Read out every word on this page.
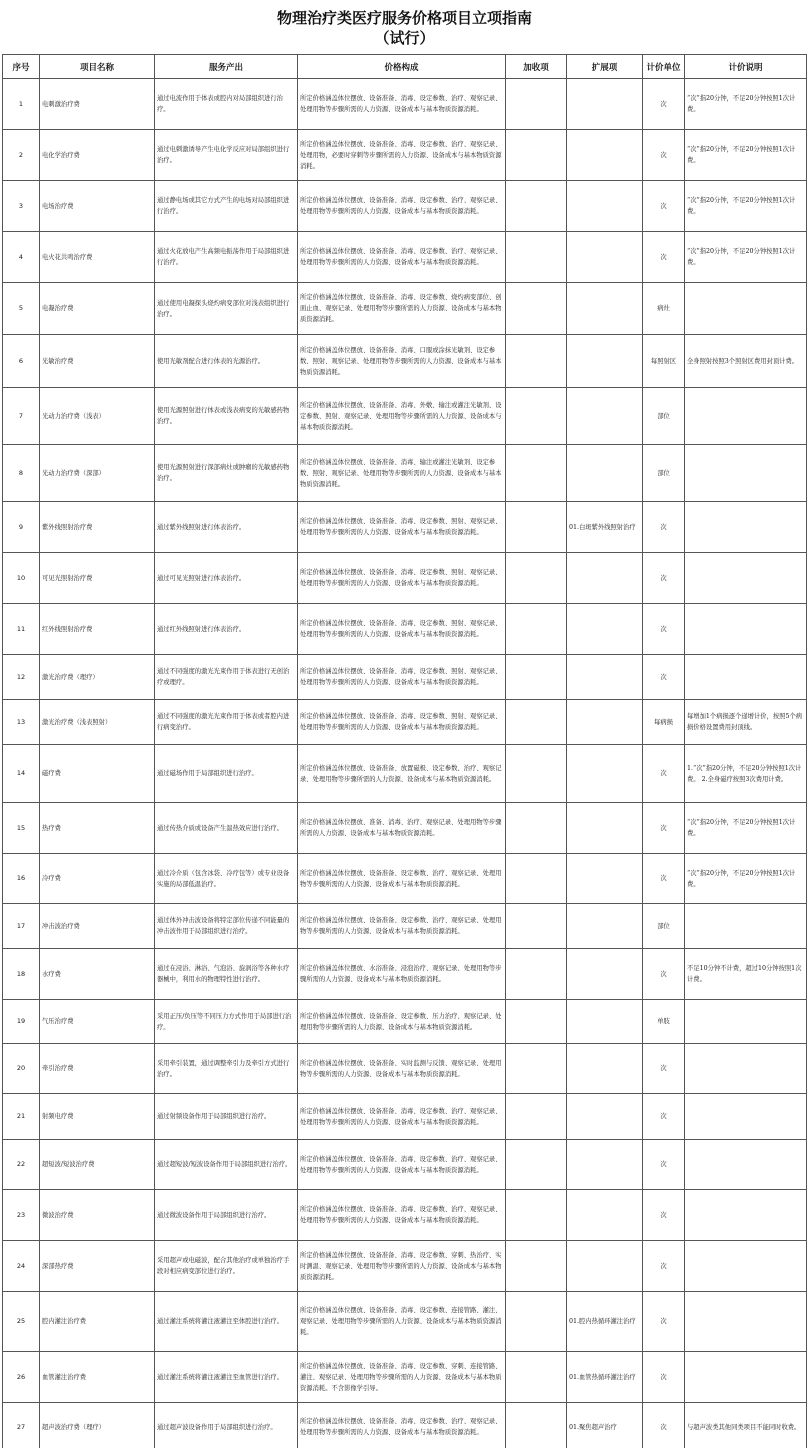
物理治疗类医疗服务价格项目立项指南
（试行）
序号	项目名称	服务产出	价格构成	加收项	扩展项	计价单位	计价说明
1	电刺激治疗费	通过电流作用于体表或腔内对局部组织进行治疗。	所定价格涵盖体位摆放、设备准备、消毒、设定参数、治疗、观察记录、处理用物等步骤所需的人力资源、设备成本与基本物质资源消耗。			次	“次”指20分钟，不足20分钟按照1次计费。
2	电化学治疗费	通过电刺激诱导产生电化学反应对局部组织进行治疗。	所定价格涵盖体位摆放、设备准备、消毒、设定参数、治疗、观察记录、处理用物，必要时穿刺等步骤所需的人力资源、设备成本与基本物质资源消耗。			次	“次”指20分钟，不足20分钟按照1次计费。
3	电场治疗费	通过静电场或其它方式产生的电场对局部组织进行治疗。	所定价格涵盖体位摆放、设备准备、消毒、设定参数、治疗、观察记录、处理用物等步骤所需的人力资源、设备成本与基本物质资源消耗。			次	“次”指20分钟，不足20分钟按照1次计费。
4	电火花共鸣治疗费	通过火花放电产生高频电振荡作用于局部组织进行治疗。	所定价格涵盖体位摆放、设备准备、消毒、设定参数、治疗、观察记录、处理用物等步骤所需的人力资源、设备成本与基本物质资源消耗。			次	“次”指20分钟，不足20分钟按照1次计费。
5	电凝治疗费	通过使用电凝探头烧灼病变部位对浅表组织进行治疗。	所定价格涵盖体位摆放、设备准备、消毒、设定参数、烧灼病变部位、创面止血、观察记录、处理用物等步骤所需的人力资源、设备成本与基本物质资源消耗。			病灶	
6	光敏治疗费	使用光敏剂配合进行体表的光源治疗。	所定价格涵盖体位摆放、设备准备、消毒、口服或涂抹光敏剂、设定参数、照射、观察记录、处理用物等步骤所需的人力资源、设备成本与基本物质资源消耗。			每照射区	全身照射按照3个照射区费用封顶计费。
7	光动力治疗费（浅表）	使用光源照射进行体表或浅表病变的光敏感药物治疗。	所定价格涵盖体位摆放、设备准备、消毒、外敷、输注或灌注光敏剂、设定参数、照射、观察记录、处理用物等步骤所需的人力资源、设备成本与基本物质资源消耗。			部位	
8	光动力治疗费（深部）	使用光源照射进行深部病灶或肿瘤的光敏感药物治疗。	所定价格涵盖体位摆放、设备准备、消毒、输注或灌注光敏剂、设定参数、照射、观察记录、处理用物等步骤所需的人力资源、设备成本与基本物质资源消耗。			部位	
9	紫外线照射治疗费	通过紫外线照射进行体表治疗。	所定价格涵盖体位摆放、设备准备、消毒、设定参数、照射、观察记录、处理用物等步骤所需的人力资源、设备成本与基本物质资源消耗。		01.白斑紫外线照射治疗	次	
10	可见光照射治疗费	通过可见光照射进行体表治疗。	所定价格涵盖体位摆放、设备准备、消毒、设定参数、照射、观察记录、处理用物等步骤所需的人力资源、设备成本与基本物质资源消耗。			次	
11	红外线照射治疗费	通过红外线照射进行体表治疗。	所定价格涵盖体位摆放、设备准备、消毒、设定参数、照射、观察记录、处理用物等步骤所需的人力资源、设备成本与基本物质资源消耗。			次	
12	激光治疗费（理疗）	通过不同强度的激光光束作用于体表进行无创治疗或理疗。	所定价格涵盖体位摆放、设备准备、消毒、设定参数、照射、观察记录、处理用物等步骤所需的人力资源、设备成本与基本物质资源消耗。			次	
13	激光治疗费（浅表照射）	通过不同强度的激光光束作用于体表或者腔内进行病变治疗。	所定价格涵盖体位摆放、设备准备、消毒、设定参数、照射、观察记录、处理用物等步骤所需的人力资源、设备成本与基本物质资源消耗。			每病损	每增加1个病损逐个递增计价，按照5个病损价格设置费用封顶线。
14	磁疗费	通过磁场作用于局部组织进行治疗。	所定价格涵盖体位摆放、设备准备、放置磁极、设定参数、治疗、观察记录、处理用物等步骤所需的人力资源、设备成本与基本物质资源消耗。			次	1.“次”指20分钟，不足20分钟按照1次计费。 2.全身磁疗按照3次费用计费。
15	热疗费	通过传热介质或设备产生温热效应进行治疗。	所定价格涵盖体位摆放、准备、消毒、治疗、观察记录、处理用物等步骤所需的人力资源、设备成本与基本物质资源消耗。			次	“次”指20分钟，不足20分钟按照1次计费。
16	冷疗费	通过冷介质（包含冰袋、冷疗包等）或专业设备实施的局部低温治疗。	所定价格涵盖体位摆放、设备准备、设定参数、治疗、观察记录、处理用物等步骤所需的人力资源、设备成本与基本物质资源消耗。			次	“次”指20分钟，不足20分钟按照1次计费。
17	冲击波治疗费	通过体外冲击波设备将特定部位传递不同能量的冲击波作用于局部组织进行治疗。	所定价格涵盖体位摆放、设备准备、设定参数、治疗、观察记录、处理用物等步骤所需的人力资源、设备成本与基本物质资源消耗。			部位	
18	水疗费	通过在浸浴、淋浴、气泡浴、旋涡浴等各种水疗器械中，利用水的物理特性进行治疗。	所定价格涵盖体位摆放、水浴准备、浸泡治疗、观察记录、处理用物等步骤所需的人力资源、设备成本与基本物质资源消耗。			次	不足10分钟不计费，超过10分钟按照1次计费。
19	气压治疗费	采用正压/负压等不同压力方式作用于局部进行治疗。	所定价格涵盖体位摆放、设备准备、设定参数、压力治疗、观察记录、处理用物等步骤所需的人力资源、设备成本与基本物质资源消耗。			单肢	
20	牵引治疗费	采用牵引装置，通过调整牵引力及牵引方式进行治疗。	所定价格涵盖体位摆放、设备准备、实时监测与反馈、观察记录、处理用物等步骤所需的人力资源、设备成本与基本物质资源消耗。			次	
21	射频电疗费	通过射频设备作用于局部组织进行治疗。	所定价格涵盖体位摆放、设备准备、消毒、设定参数、治疗、观察记录、处理用物等步骤所需的人力资源、设备成本与基本物质资源消耗。			次	
22	超短波/短波治疗费	通过超短波/短波设备作用于局部组织进行治疗。	所定价格涵盖体位摆放、设备准备、消毒、设定参数、治疗、观察记录、处理用物等步骤所需的人力资源、设备成本与基本物质资源消耗。			次	
23	微波治疗费	通过微波设备作用于局部组织进行治疗。	所定价格涵盖体位摆放、设备准备、消毒、设定参数、治疗、观察记录、处理用物等步骤所需的人力资源、设备成本与基本物质资源消耗。			次	
24	深部热疗费	采用超声或电磁波，配合其他治疗或单独治疗手段对相应病变部位进行治疗。	所定价格涵盖体位摆放、设备准备、消毒、设定参数、穿刺、热治疗、实时测温、观察记录、处理用物等步骤所需的人力资源、设备成本与基本物质资源消耗。			次	
25	腔内灌注治疗费	通过灌注系统将灌注液灌注至体腔进行治疗。	所定价格涵盖体位摆放、设备准备、消毒、设定参数、连接管路、灌注、观察记录、处理用物等步骤所需的人力资源、设备成本与基本物质资源消耗。		01.腔内热循环灌注治疗	次	
26	血管灌注治疗费	通过灌注系统将灌注液灌注至血管进行治疗。	所定价格涵盖体位摆放、设备准备、消毒、设定参数、穿刺、连接管路、灌注、观察记录、处理用物等步骤所需的人力资源、设备成本与基本物质资源消耗。不含影像学引导。		01.血管热循环灌注治疗	次	
27	超声波治疗费（理疗）	通过超声波设备作用于局部组织进行治疗。	所定价格涵盖体位摆放、设备准备、消毒、设定参数、治疗、观察记录、处理用物等步骤所需的人力资源、设备成本与基本物质资源消耗。		01.聚焦超声治疗	次	与超声波类其他同类项目不能同时收费。
